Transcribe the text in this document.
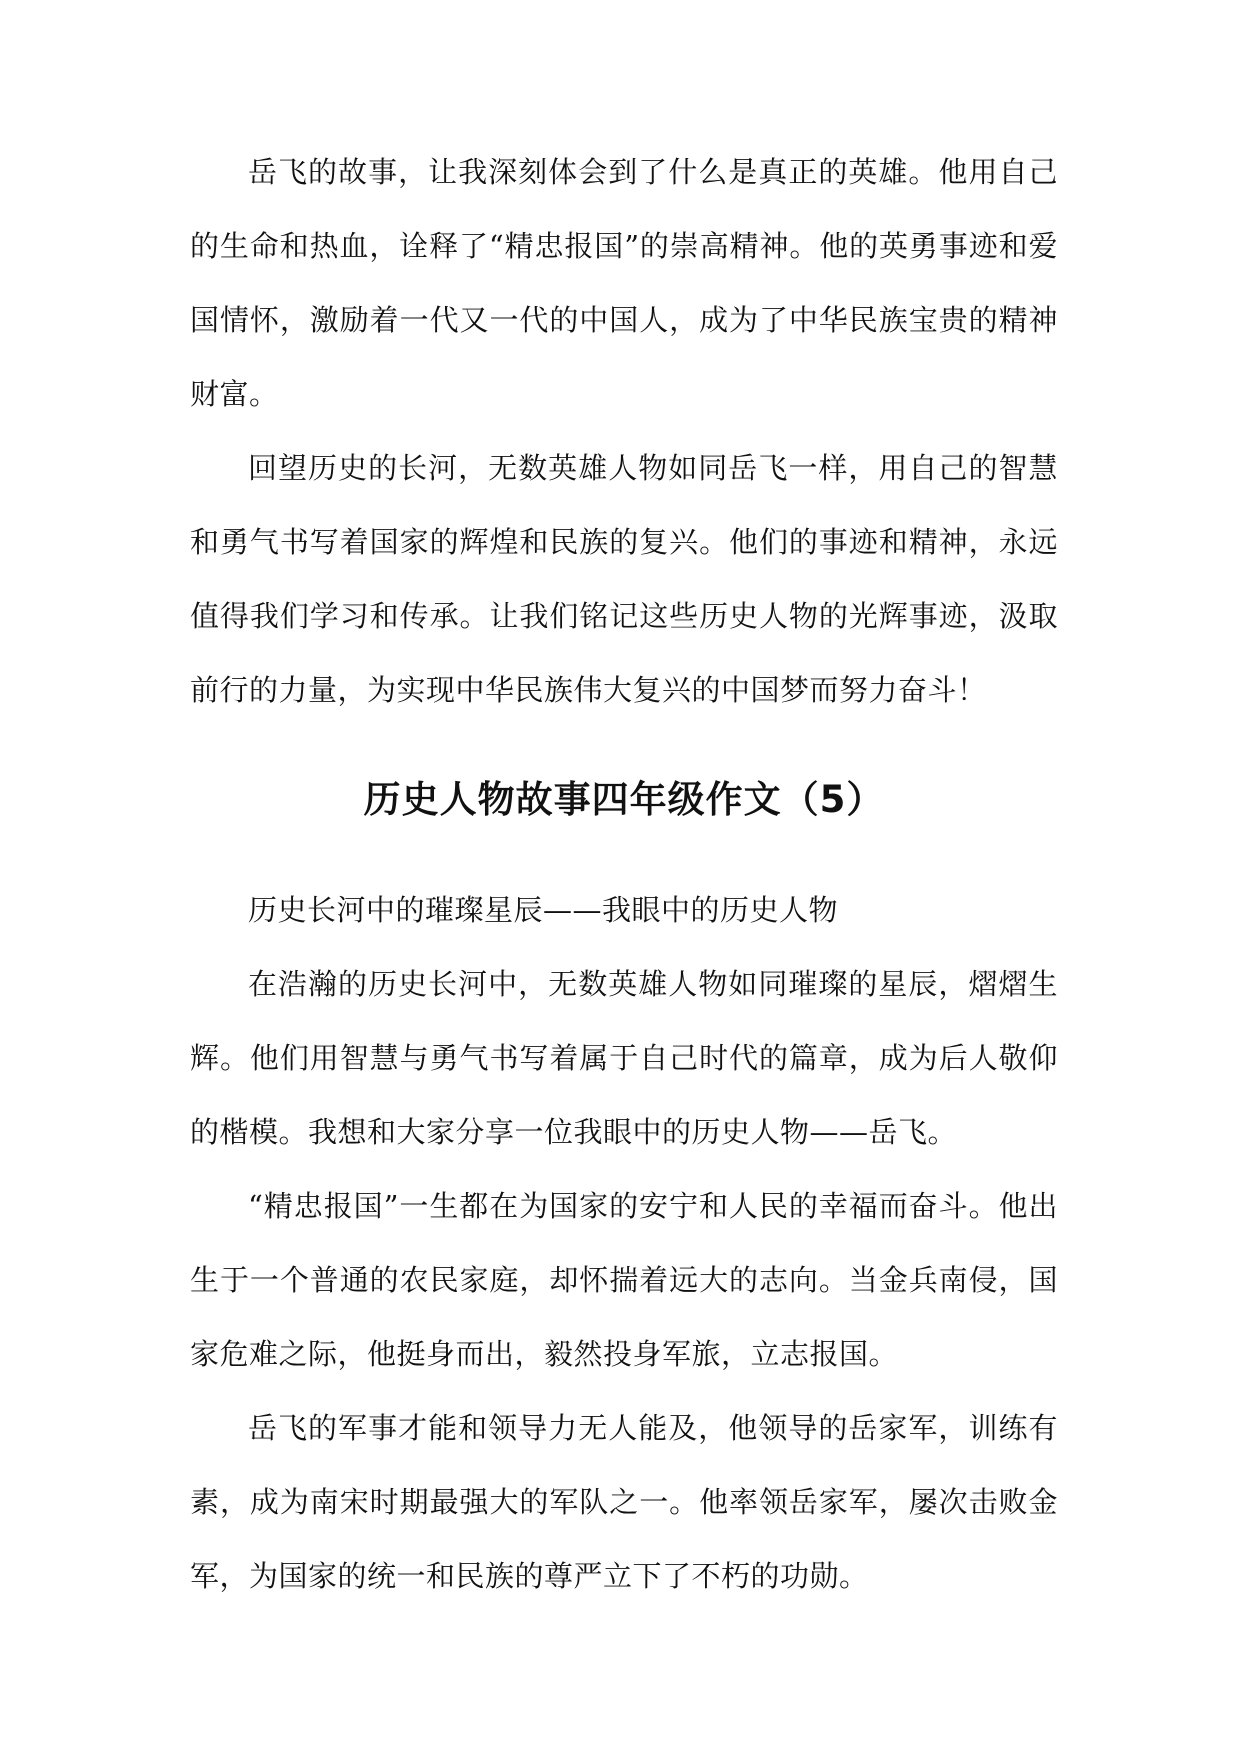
岳飞的故事，让我深刻体会到了什么是真正的英雄。他用自己的生命和热血，诠释了“精忠报国”的崇高精神。他的英勇事迹和爱国情怀，激励着一代又一代的中国人，成为了中华民族宝贵的精神财富。

回望历史的长河，无数英雄人物如同岳飞一样，用自己的智慧和勇气书写着国家的辉煌和民族的复兴。他们的事迹和精神，永远值得我们学习和传承。让我们铭记这些历史人物的光辉事迹，汲取前行的力量，为实现中华民族伟大复兴的中国梦而努力奋斗！

历史人物故事四年级作文（5）

历史长河中的璀璨星辰——我眼中的历史人物

在浩瀚的历史长河中，无数英雄人物如同璀璨的星辰，熠熠生辉。他们用智慧与勇气书写着属于自己时代的篇章，成为后人敬仰的楷模。我想和大家分享一位我眼中的历史人物——岳飞。

“精忠报国”一生都在为国家的安宁和人民的幸福而奋斗。他出生于一个普通的农民家庭，却怀揣着远大的志向。当金兵南侵，国家危难之际，他挺身而出，毅然投身军旅，立志报国。

岳飞的军事才能和领导力无人能及，他领导的岳家军，训练有素，成为南宋时期最强大的军队之一。他率领岳家军，屡次击败金军，为国家的统一和民族的尊严立下了不朽的功勋。
